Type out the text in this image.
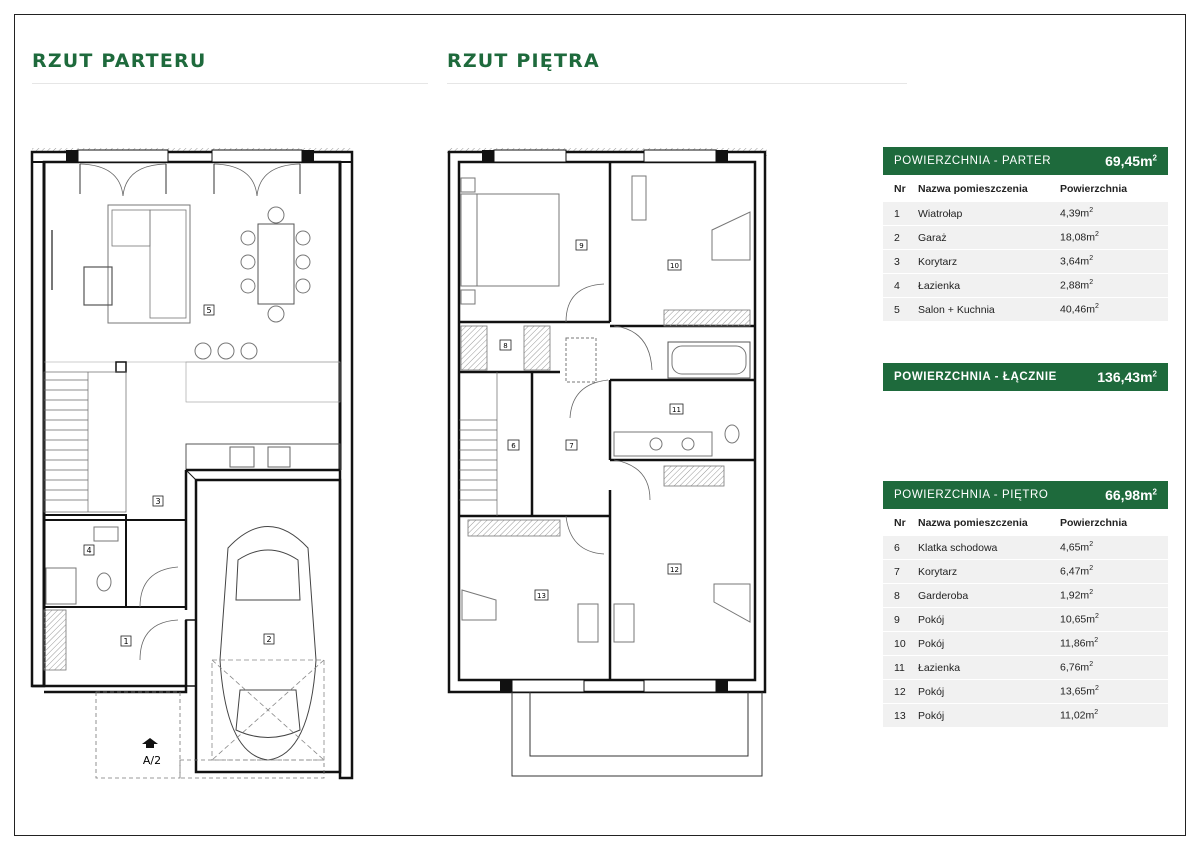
RZUT PARTERU	RZUT PIĘTRA
5
3
4
1	2
A/2
9
10
8
11
6	7
12
13
POWIERZCHNIA - PARTER	$69,45m^2$
Nr	Nazwa pomieszczenia	Powierzchnia
1	Wiatrołap	$4,39m^2$
2	Garaż	$18,08m^2$
3	Korytarz	$3,64m^2$
4	Łazienka	$2,88m^2$
5	Salon + Kuchnia	$40,46m^2$
POWIERZCHNIA - ŁĄCZNIE	$136,43m^2$
POWIERZCHNIA - PIĘTRO	$66,98m^2$
Nr	Nazwa pomieszczenia	Powierzchnia
6	Klatka schodowa	$4,65m^2$
7	Korytarz	$6,47m^2$
8	Garderoba	$1,92m^2$
9	Pokój	$10,65m^2$
10	Pokój	$11,86m^2$
11	Łazienka	$6,76m^2$
12	Pokój	$13,65m^2$
13	Pokój	$11,02m^2$
